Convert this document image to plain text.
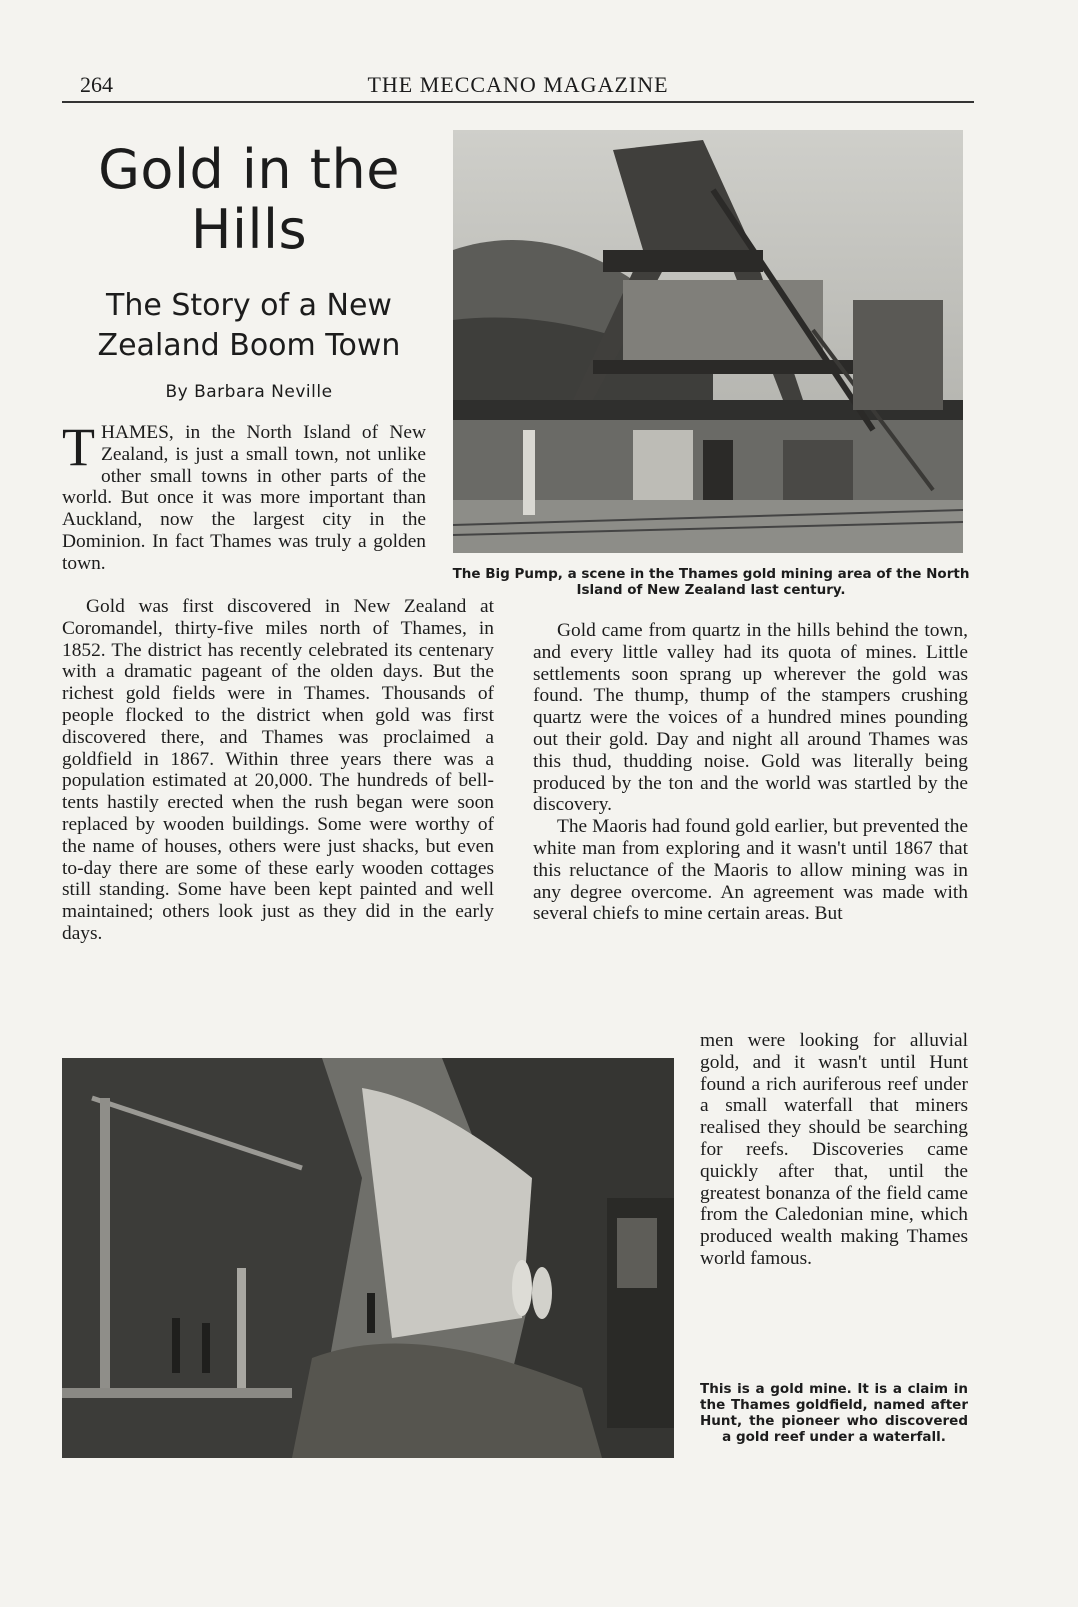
264	THE MECCANO MAGAZINE
Gold in the Hills
The Story of a New Zealand Boom Town
By Barbara Neville

THAMES, in the North Island of New Zealand, is just a small town, not unlike other small towns in other parts of the world. But once it was more important than Auckland, now the largest city in the Dominion. In fact Thames was truly a golden town.

Gold was first discovered in New Zealand at Coromandel, thirty-five miles north of Thames, in 1852. The district has recently celebrated its centenary with a dramatic pageant of the olden days. But the richest gold fields were in Thames. Thousands of people flocked to the district when gold was first discovered there, and Thames was proclaimed a goldfield in 1867. Within three years there was a population estimated at 20,000. The hundreds of bell-tents hastily erected when the rush began were soon replaced by wooden buildings. Some were worthy of the name of houses, others were just shacks, but even to-day there are some of these early wooden cottages still standing. Some have been kept painted and well maintained; others look just as they did in the early days.

The Big Pump, a scene in the Thames gold mining area of the North Island of New Zealand last century.

Gold came from quartz in the hills behind the town, and every little valley had its quota of mines. Little settlements soon sprang up wherever the gold was found. The thump, thump of the stampers crushing quartz were the voices of a hundred mines pounding out their gold. Day and night all around Thames was this thud, thudding noise. Gold was literally being produced by the ton and the world was startled by the discovery.

The Maoris had found gold earlier, but prevented the white man from exploring and it wasn't until 1867 that this reluctance of the Maoris to allow mining was in any degree overcome. An agreement was made with several chiefs to mine certain areas. But

men were looking for alluvial gold, and it wasn't until Hunt found a rich auriferous reef under a small waterfall that miners realised they should be searching for reefs. Discoveries came quickly after that, until the greatest bonanza of the field came from the Caledonian mine, which produced wealth making Thames world famous.

This is a gold mine. It is a claim in the Thames goldfield, named after Hunt, the pioneer who discovered a gold reef under a waterfall.
